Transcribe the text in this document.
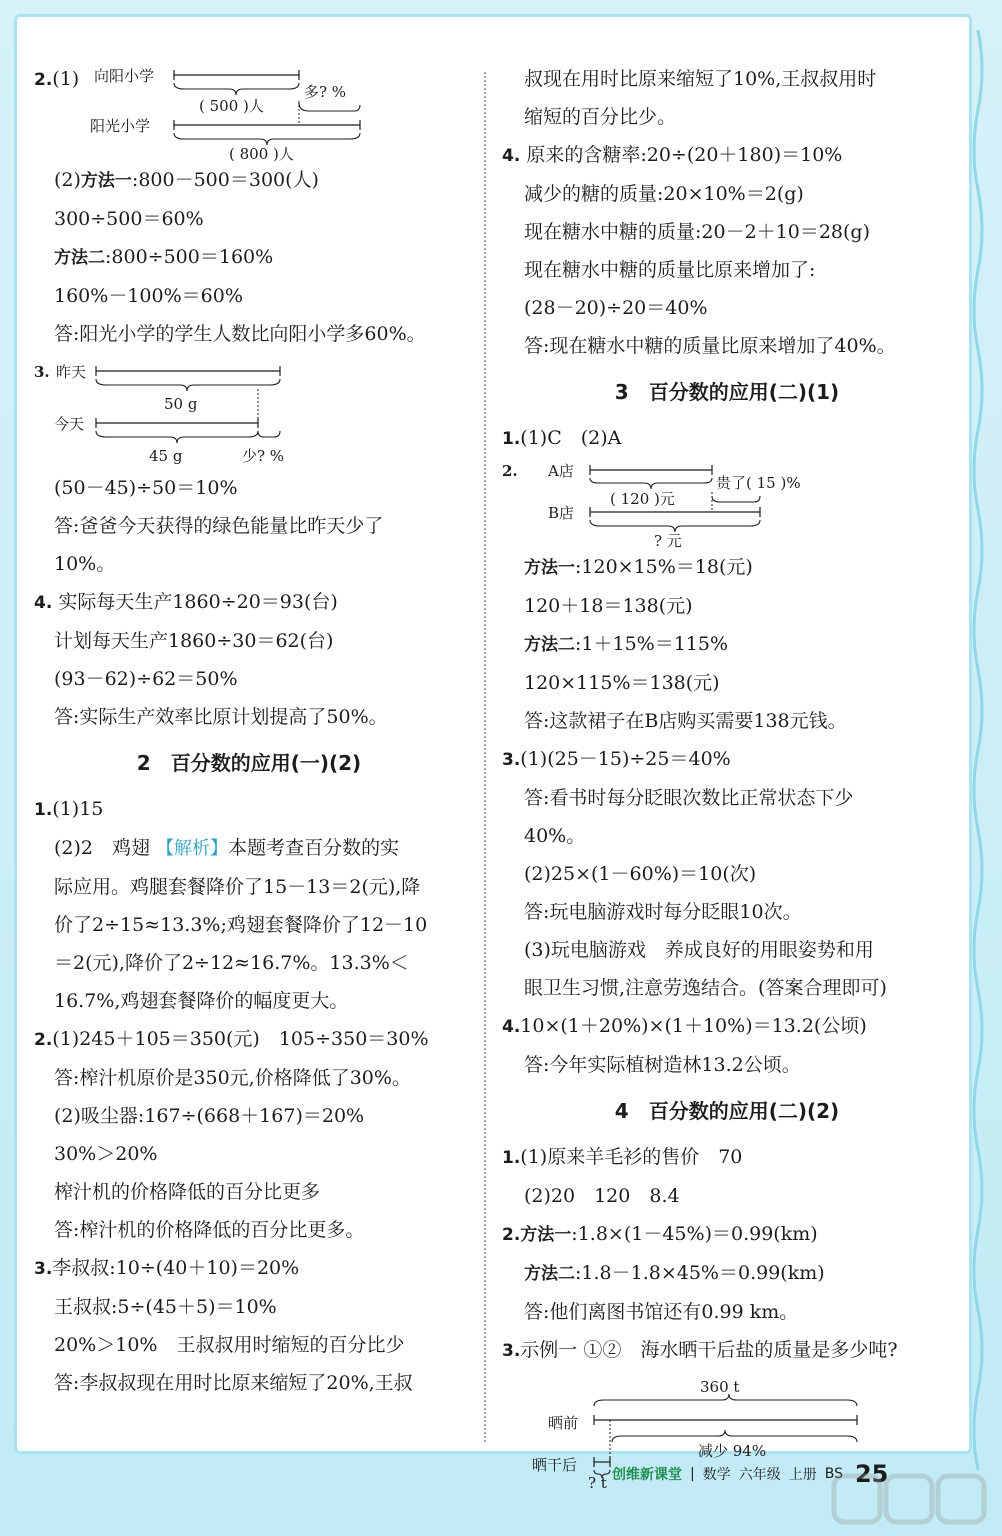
2.(1) 向阳小学
( 500 )人
多? %
阳光小学
( 800 )人
(2)方法一:800－500＝300(人)
300÷500＝60%
方法二:800÷500＝160%
160%－100%＝60%
答:阳光小学的学生人数比向阳小学多60%。
3. 昨天
50 g
今天
45 g	少? %
(50－45)÷50＝10%
答:爸爸今天获得的绿色能量比昨天少了
10%。
4. 实际每天生产1860÷20＝93(台)
计划每天生产1860÷30＝62(台)
(93－62)÷62＝50%
答:实际生产效率比原计划提高了50%。
2　百分数的应用(一)(2)
1.(1)15
(2)2　鸡翅 【解析】本题考查百分数的实
际应用。鸡腿套餐降价了15－13＝2(元),降
价了2÷15≈13.3%;鸡翅套餐降价了12－10
＝2(元),降价了2÷12≈16.7%。13.3%＜
16.7%,鸡翅套餐降价的幅度更大。
2.(1)245＋105＝350(元)　105÷350＝30%
答:榨汁机原价是350元,价格降低了30%。
(2)吸尘器:167÷(668＋167)＝20%
30%＞20%
榨汁机的价格降低的百分比更多
答:榨汁机的价格降低的百分比更多。
3.李叔叔:10÷(40＋10)＝20%
王叔叔:5÷(45＋5)＝10%
20%＞10%　王叔叔用时缩短的百分比少
答:李叔叔现在用时比原来缩短了20%,王叔
叔现在用时比原来缩短了10%,王叔叔用时
缩短的百分比少。
4. 原来的含糖率:20÷(20＋180)＝10%
减少的糖的质量:20×10%＝2(g)
现在糖水中糖的质量:20－2＋10＝28(g)
现在糖水中糖的质量比原来增加了:
(28－20)÷20＝40%
答:现在糖水中糖的质量比原来增加了40%。
3　百分数的应用(二)(1)
1.(1)C　(2)A
2. A店
( 120 )元
贵了( 15 )%
B店
? 元
方法一:120×15%＝18(元)
120＋18＝138(元)
方法二:1＋15%＝115%
120×115%＝138(元)
答:这款裙子在B店购买需要138元钱。
3.(1)(25－15)÷25＝40%
答:看书时每分眨眼次数比正常状态下少
40%。
(2)25×(1－60%)＝10(次)
答:玩电脑游戏时每分眨眼10次。
(3)玩电脑游戏　养成良好的用眼姿势和用
眼卫生习惯,注意劳逸结合。(答案合理即可)
4.10×(1＋20%)×(1＋10%)＝13.2(公顷)
答:今年实际植树造林13.2公顷。
4　百分数的应用(二)(2)
1.(1)原来羊毛衫的售价　70
(2)20　120　8.4
2.方法一:1.8×(1－45%)＝0.99(km)
方法二:1.8－1.8×45%＝0.99(km)
答:他们离图书馆还有0.99 km。
3.示例一 ①②　海水晒干后盐的质量是多少吨?
360 t
晒前
减少 94%
晒干后
? t 创维新课堂 | 数学 六年级 上册 BS 25
